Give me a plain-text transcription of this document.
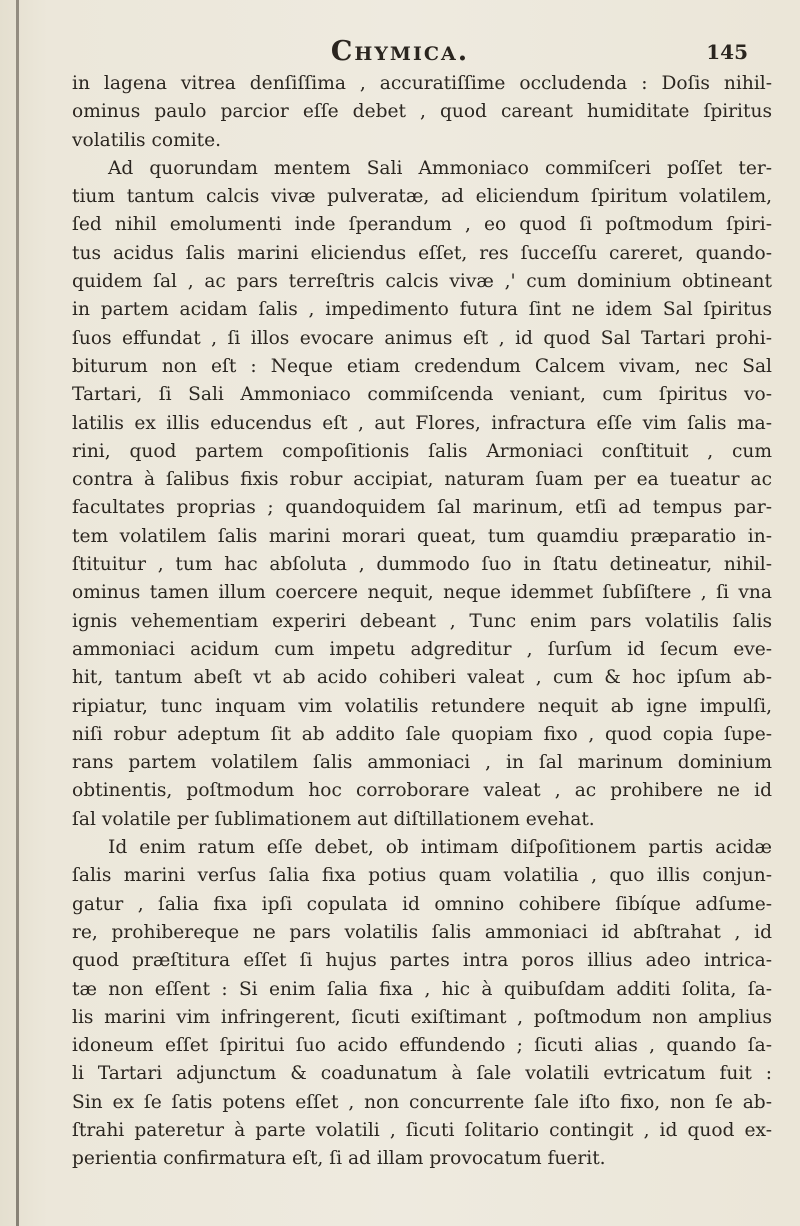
Chymica.	145
in lagena vitrea denſiſſima , accuratiſſime occludenda : Doſis nihil-
ominus paulo parcior eſſe debet , quod careant humiditate ſpiritus
volatilis comite.
Ad quorundam mentem Sali Ammoniaco commiſceri poſſet ter-
tium tantum calcis vivæ pulveratæ, ad eliciendum ſpiritum volatilem,
ſed nihil emolumenti inde ſperandum , eo quod ſi poſtmodum ſpiri-
tus acidus ſalis marini eliciendus eſſet, res ſucceſſu careret, quando-
quidem ſal , ac pars terreſtris calcis vivæ ,' cum dominium obtineant
in partem acidam ſalis , impedimento futura ſint ne idem Sal ſpiritus
ſuos effundat , ſi illos evocare animus eſt , id quod Sal Tartari prohi-
biturum non eſt : Neque etiam credendum Calcem vivam, nec Sal
Tartari, ſi Sali Ammoniaco commiſcenda veniant, cum ſpiritus vo-
latilis ex illis educendus eſt , aut Flores, infractura eſſe vim ſalis ma-
rini, quod partem compoſitionis ſalis Armoniaci conſtituit , cum
contra à ſalibus fixis robur accipiat, naturam ſuam per ea tueatur ac
facultates proprias ; quandoquidem ſal marinum, etſi ad tempus par-
tem volatilem ſalis marini morari queat, tum quamdiu præparatio in-
ſtituitur , tum hac abſoluta , dummodo ſuo in ſtatu detineatur, nihil-
ominus tamen illum coercere nequit, neque idemmet ſubſiſtere , ſi vna
ignis vehementiam experiri debeant , Tunc enim pars volatilis ſalis
ammoniaci acidum cum impetu adgreditur , ſurſum id ſecum eve-
hit, tantum abeſt vt ab acido cohiberi valeat , cum & hoc ipſum ab-
ripiatur, tunc inquam vim volatilis retundere nequit ab igne impulſi,
niſi robur adeptum ſit ab addito ſale quopiam fixo , quod copia ſupe-
rans partem volatilem ſalis ammoniaci , in ſal marinum dominium
obtinentis, poſtmodum hoc corroborare valeat , ac prohibere ne id
ſal volatile per ſublimationem aut diſtillationem evehat.
Id enim ratum eſſe debet, ob intimam diſpoſitionem partis acidæ
ſalis marini verſus ſalia fixa potius quam volatilia , quo illis conjun-
gatur , ſalia fixa ipſi copulata id omnino cohibere ſibíque adſume-
re, prohibereque ne pars volatilis ſalis ammoniaci id abſtrahat , id
quod præſtitura eſſet ſi hujus partes intra poros illius adeo intrica-
tæ non eſſent : Si enim ſalia fixa , hic à quibuſdam additi ſolita, ſa-
lis marini vim infringerent, ſicuti exiſtimant , poſtmodum non amplius
idoneum eſſet ſpiritui ſuo acido effundendo ; ſicuti alias , quando ſa-
li Tartari adjunctum & coadunatum à ſale volatili evtricatum fuit :
Sin ex ſe ſatis potens eſſet , non concurrente ſale iſto fixo, non ſe ab-
ſtrahi pateretur à parte volatili , ſicuti ſolitario contingit , id quod ex-
perientia confirmatura eſt, ſi ad illam provocatum fuerit.
